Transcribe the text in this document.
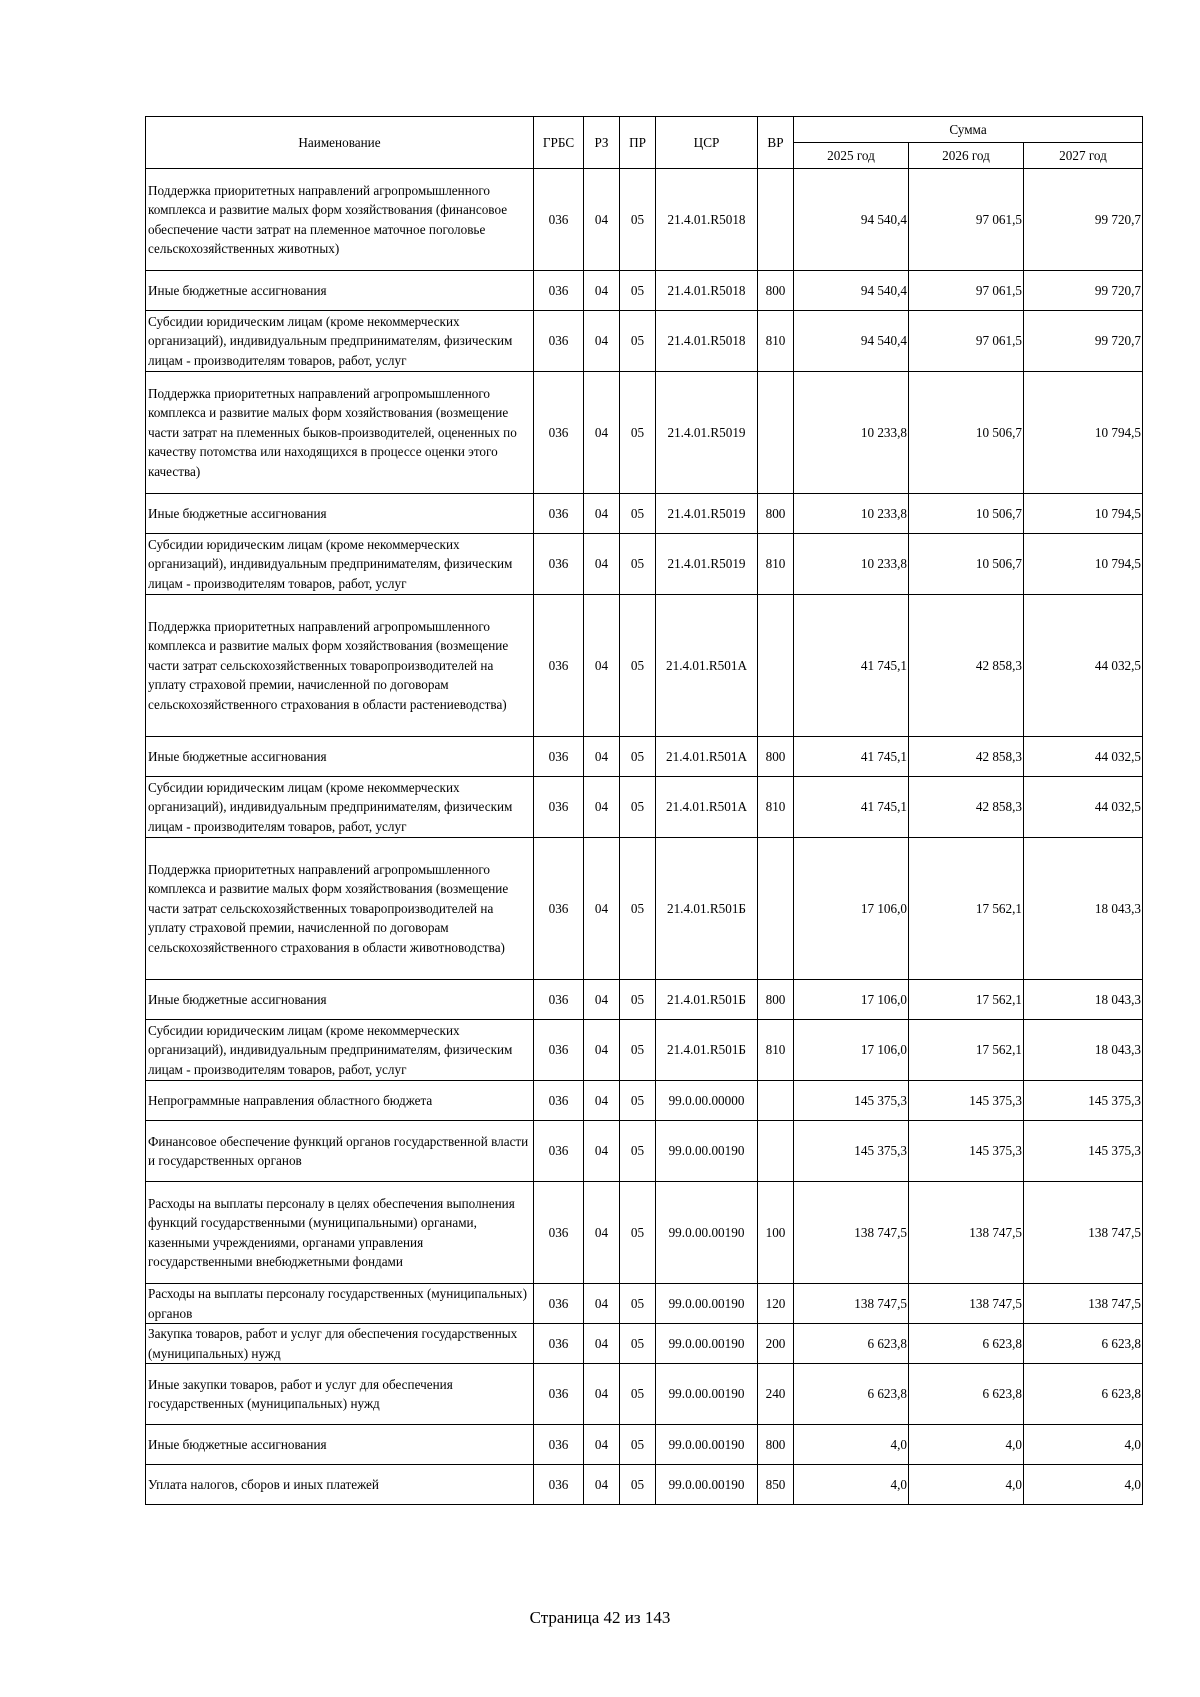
Наименование	ГРБС	РЗ	ПР	ЦСР	ВР	Сумма		
						2025 год	2026 год	2027 год
Поддержка приоритетных направлений агропромышленного комплекса и развитие малых форм хозяйствования (финансовое обеспечение части затрат на племенное маточное поголовье сельскохозяйственных животных)	036	04	05	21.4.01.R5018		94 540,4	97 061,5	99 720,7
Иные бюджетные ассигнования	036	04	05	21.4.01.R5018	800	94 540,4	97 061,5	99 720,7
Субсидии юридическим лицам (кроме некоммерческих организаций), индивидуальным предпринимателям, физическим лицам - производителям товаров, работ, услуг	036	04	05	21.4.01.R5018	810	94 540,4	97 061,5	99 720,7
Поддержка приоритетных направлений агропромышленного комплекса и развитие малых форм хозяйствования (возмещение части затрат на племенных быков-производителей, оцененных по качеству потомства или находящихся в процессе оценки этого качества)	036	04	05	21.4.01.R5019		10 233,8	10 506,7	10 794,5
Иные бюджетные ассигнования	036	04	05	21.4.01.R5019	800	10 233,8	10 506,7	10 794,5
Субсидии юридическим лицам (кроме некоммерческих организаций), индивидуальным предпринимателям, физическим лицам - производителям товаров, работ, услуг	036	04	05	21.4.01.R5019	810	10 233,8	10 506,7	10 794,5
Поддержка приоритетных направлений агропромышленного комплекса и развитие малых форм хозяйствования (возмещение части затрат сельскохозяйственных товаропроизводителей на уплату страховой премии, начисленной по договорам сельскохозяйственного страхования в области растениеводства)	036	04	05	21.4.01.R501А		41 745,1	42 858,3	44 032,5
Иные бюджетные ассигнования	036	04	05	21.4.01.R501А	800	41 745,1	42 858,3	44 032,5
Субсидии юридическим лицам (кроме некоммерческих организаций), индивидуальным предпринимателям, физическим лицам - производителям товаров, работ, услуг	036	04	05	21.4.01.R501А	810	41 745,1	42 858,3	44 032,5
Поддержка приоритетных направлений агропромышленного комплекса и развитие малых форм хозяйствования (возмещение части затрат сельскохозяйственных товаропроизводителей на уплату страховой премии, начисленной по договорам сельскохозяйственного страхования в области животноводства)	036	04	05	21.4.01.R501Б		17 106,0	17 562,1	18 043,3
Иные бюджетные ассигнования	036	04	05	21.4.01.R501Б	800	17 106,0	17 562,1	18 043,3
Субсидии юридическим лицам (кроме некоммерческих организаций), индивидуальным предпринимателям, физическим лицам - производителям товаров, работ, услуг	036	04	05	21.4.01.R501Б	810	17 106,0	17 562,1	18 043,3
Непрограммные направления областного бюджета	036	04	05	99.0.00.00000		145 375,3	145 375,3	145 375,3
Финансовое обеспечение функций органов государственной власти и государственных органов	036	04	05	99.0.00.00190		145 375,3	145 375,3	145 375,3
Расходы на выплаты персоналу в целях обеспечения выполнения функций государственными (муниципальными) органами, казенными учреждениями, органами управления государственными внебюджетными фондами	036	04	05	99.0.00.00190	100	138 747,5	138 747,5	138 747,5
Расходы на выплаты персоналу государственных (муниципальных) органов	036	04	05	99.0.00.00190	120	138 747,5	138 747,5	138 747,5
Закупка товаров, работ и услуг для обеспечения государственных (муниципальных) нужд	036	04	05	99.0.00.00190	200	6 623,8	6 623,8	6 623,8
Иные закупки товаров, работ и услуг для обеспечения государственных (муниципальных) нужд	036	04	05	99.0.00.00190	240	6 623,8	6 623,8	6 623,8
Иные бюджетные ассигнования	036	04	05	99.0.00.00190	800	4,0	4,0	4,0
Уплата налогов, сборов и иных платежей	036	04	05	99.0.00.00190	850	4,0	4,0	4,0
Страница 42 из 143
